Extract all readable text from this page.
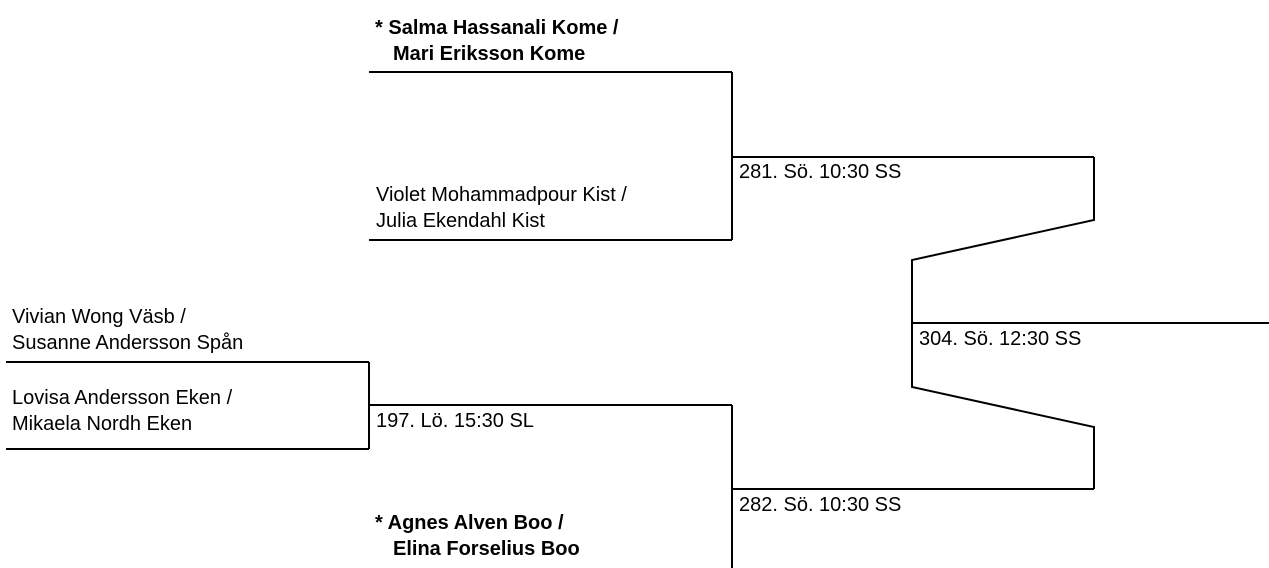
* Salma Hassanali Kome /
Mari Eriksson Kome
Violet Mohammadpour Kist /
Julia Ekendahl Kist
Vivian Wong Väsb /
Susanne Andersson Spån
Lovisa Andersson Eken /
Mikaela Nordh Eken
* Agnes Alven Boo /
Elina Forselius Boo
197. Lö. 15:30 SL
281. Sö. 10:30 SS
282. Sö. 10:30 SS
304. Sö. 12:30 SS
